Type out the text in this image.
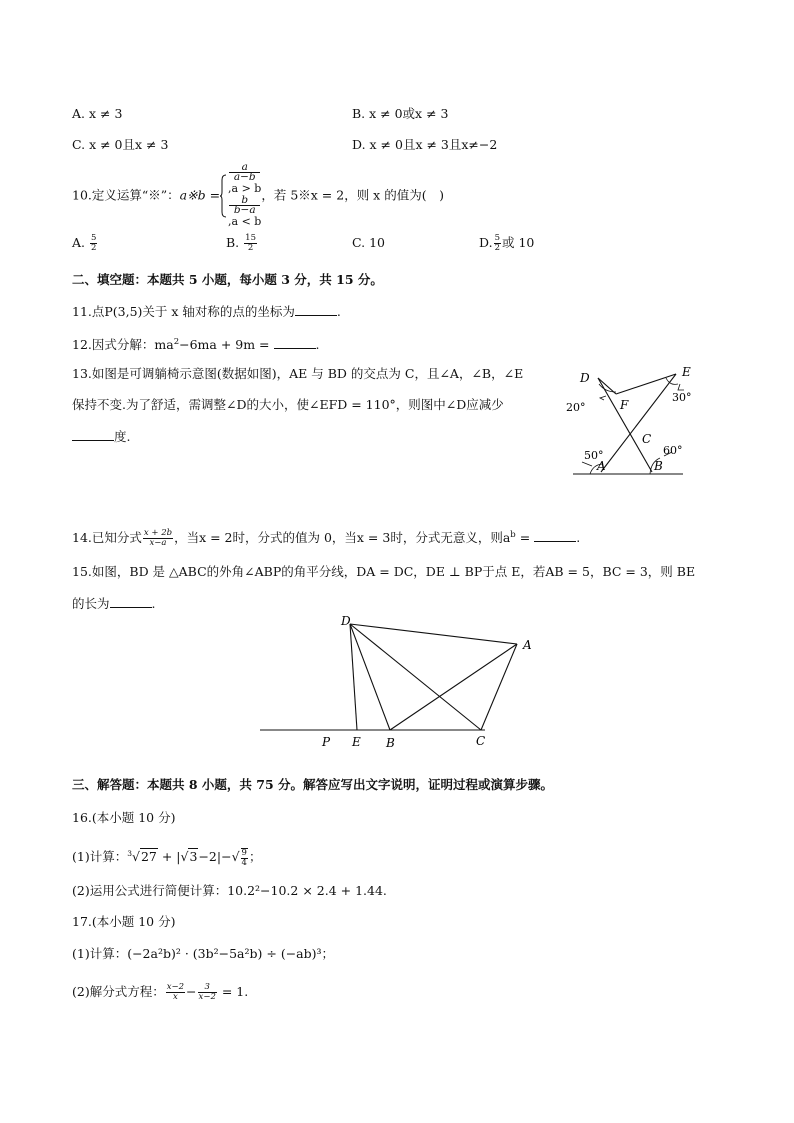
A. x ≠ 3	B. x ≠ 0或x ≠ 3
C. x ≠ 0且x ≠ 3	D. x ≠ 0且x ≠ 3且x≠−2
10.定义运算“※”：a※b =
a
a−b
,a > b
b
b−a
,a < b
，若 5※x = 2，则 x 的值为(　)
A. $\frac{5}{2}$	B. $\frac{15}{2}$	C. 10	D. $\frac{5}{2}$ 或 10
二、填空题：本题共 5 小题，每小题 3 分，共 15 分。
11.点P(3,5)关于 x 轴对称的点的坐标为	.
12.因式分解：$ma^2-6ma + 9m$ =	.
13.如图是可调躺椅示意图(数据如图)，AE 与 BD 的交点为 C，且∠A，∠B，∠E
保持不变.为了舒适，需调整∠D的大小，使∠EFD = 110°，则图中∠D应减少
度.
D	E
F
C
A	B
20°
30°
50°	60°
14.已知分式 $\frac{x + 2b}{x-a}$ ，当x = 2时，分式的值为 0，当x = 3时，分式无意义，则$a^b$ =	.
15.如图，BD 是 △ABC的外角∠ABP的角平分线，DA = DC，DE ⊥ BP于点 E，若AB = 5，BC = 3，则 BE
的长为	.
D
A
P E B	C
三、解答题：本题共 8 小题，共 75 分。解答应写出文字说明，证明过程或演算步骤。
16.(本小题 10 分)
(1)计算：$^3√27 + |√3-2|-√ \frac{9}{4}$ ；
(2)运用公式进行简便计算：10.2²−10.2 × 2.4 + 1.44.
17.(本小题 10 分)
(1)计算：(−2a²b)² · (3b²−5a²b) ÷ (−ab)³；
(2)解分式方程： $\frac{x-2}{x} - \frac{3}{x-2} = 1$.
